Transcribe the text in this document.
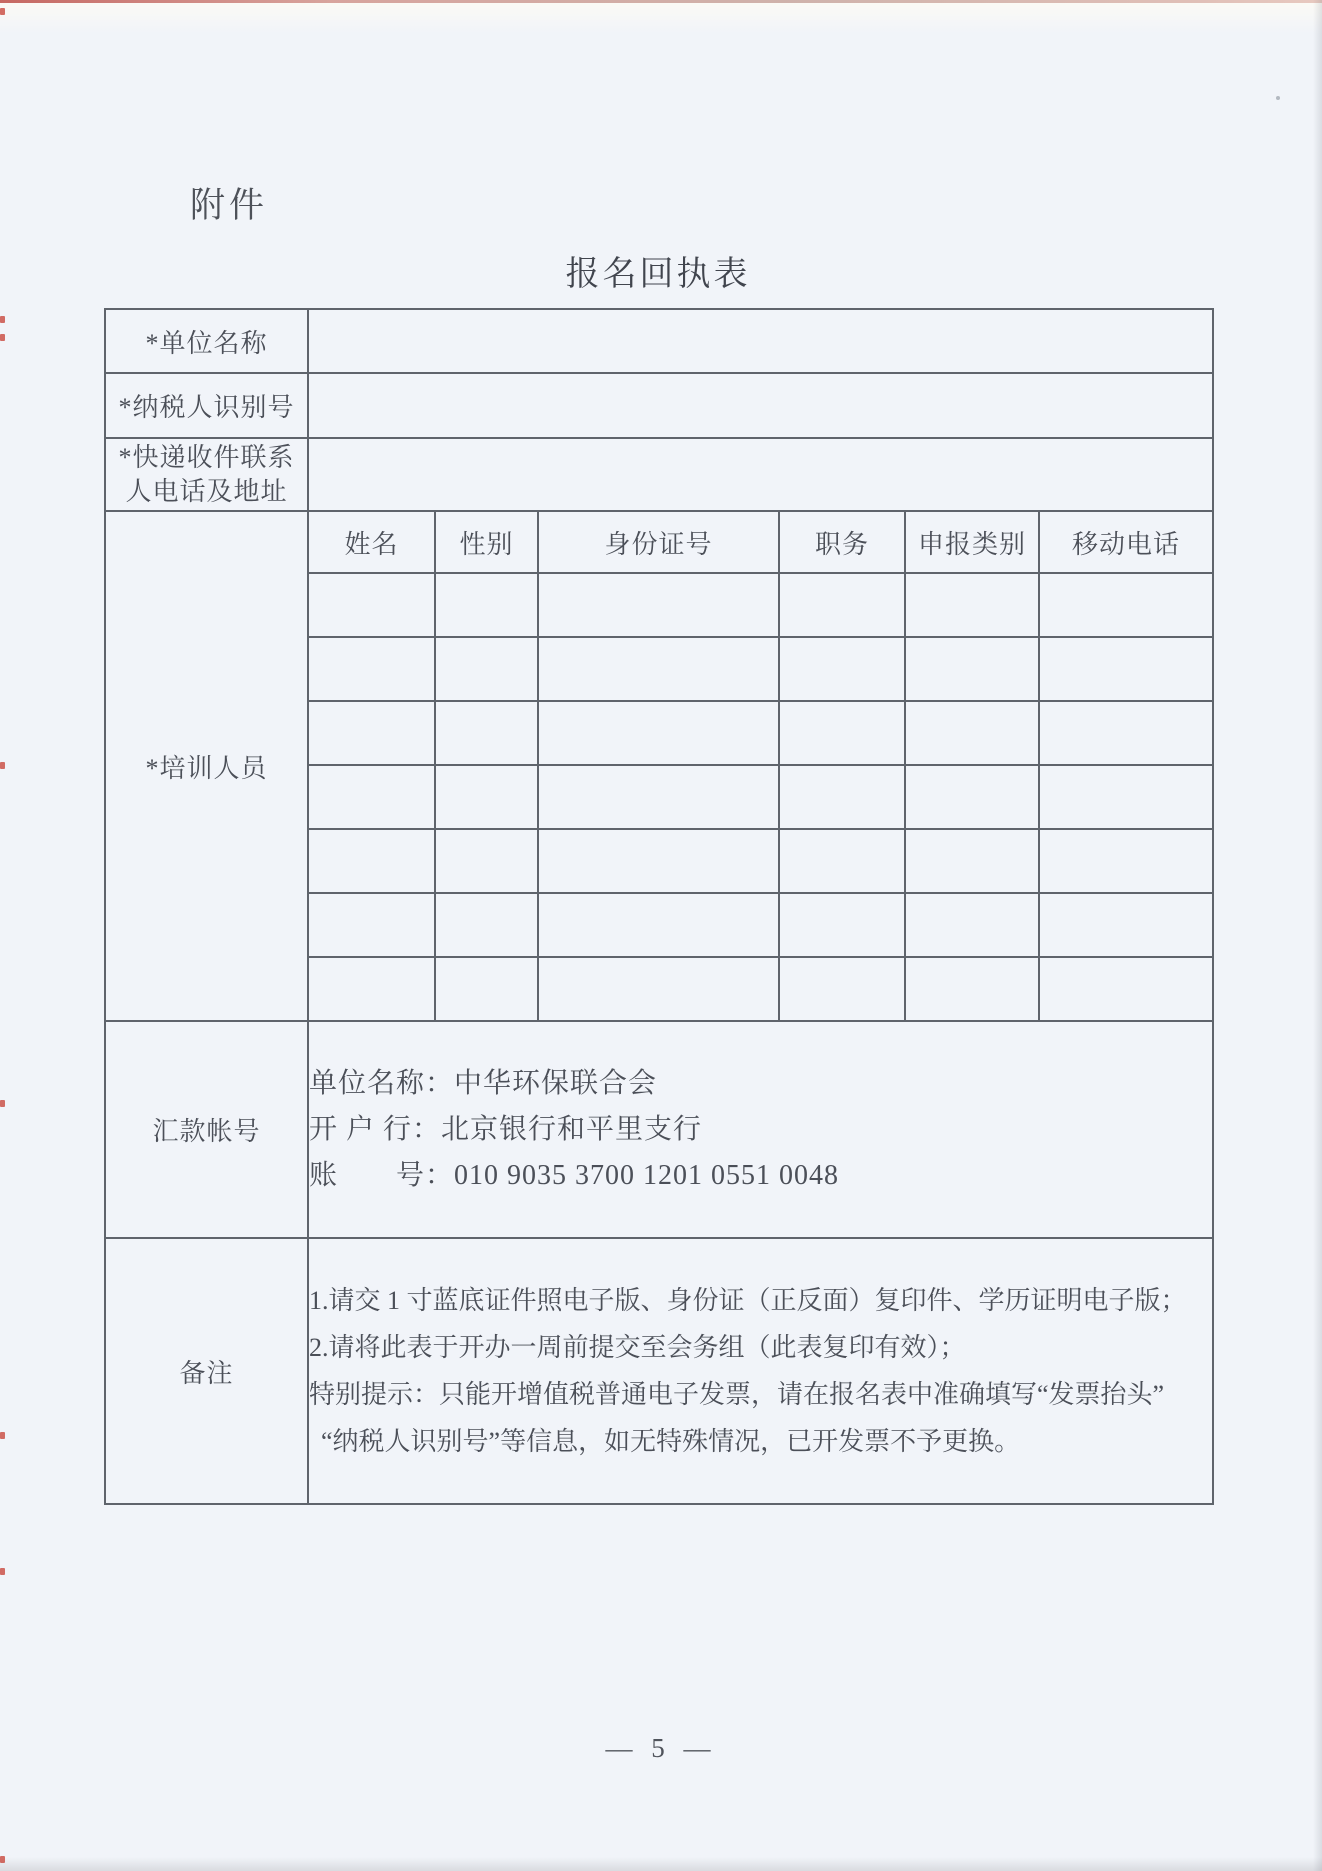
附件
报名回执表
*单位名称						
*纳税人识别号						

*快递收件联系
人电话及地址						

*培训人员	姓名	性别	身份证号	职务	申报类别	移动电话

汇款帐号	单位名称：中华环保联合会
开 户 行：北京银行和平里支行
账　　号：010 9035 3700 1201 0551 0048					

备注	1.请交 1 寸蓝底证件照电子版、身份证（正反面）复印件、学历证明电子版；
2.请将此表于开办一周前提交至会务组（此表复印有效）；
特别提示：只能开增值税普通电子发票，请在报名表中准确填写“发票抬头”
“纳税人识别号”等信息，如无特殊情况，已开发票不予更换。					
— 5 —
